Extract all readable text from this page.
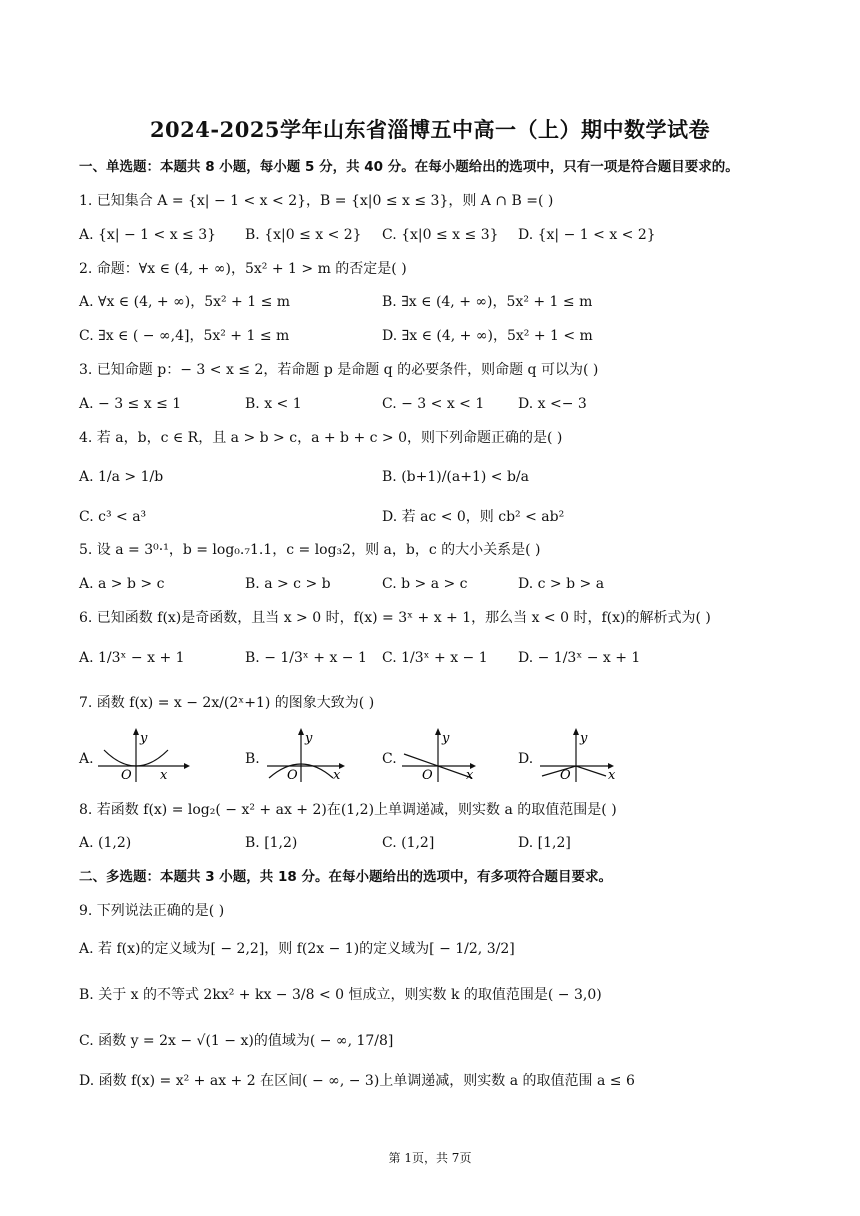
2024-2025学年山东省淄博五中高一（上）期中数学试卷
一、单选题：本题共 8 小题，每小题 5 分，共 40 分。在每小题给出的选项中，只有一项是符合题目要求的。
1. 已知集合 A = {x| − 1 < x < 2}，B = {x|0 ≤ x ≤ 3}，则 A ∩ B =( )
A. {x| − 1 < x ≤ 3} B. {x|0 ≤ x < 2} C. {x|0 ≤ x ≤ 3} D. {x| − 1 < x < 2}
2. 命题：∀x ∈ (4, + ∞)，5x² + 1 > m 的否定是( )
A. ∀x ∈ (4, + ∞)，5x² + 1 ≤ m	B. ∃x ∈ (4, + ∞)，5x² + 1 ≤ m
C. ∃x ∈ ( − ∞,4]，5x² + 1 ≤ m	D. ∃x ∈ (4, + ∞)，5x² + 1 < m
3. 已知命题 p：− 3 < x ≤ 2，若命题 p 是命题 q 的必要条件，则命题 q 可以为( )
A. − 3 ≤ x ≤ 1	B. x < 1	C. − 3 < x < 1 D. x <− 3
4. 若 a，b，c ∈ R，且 a > b > c，a + b + c > 0，则下列命题正确的是( )
A. 1/a > 1/b	B. (b+1)/(a+1) < b/a
C. c³ < a³	D. 若 ac < 0，则 cb² < ab²
5. 设 a = 3⁰·¹，b = log₀.₇1.1，c = log₃2，则 a，b，c 的大小关系是( )
A. a > b > c	B. a > c > b	C. b > a > c	D. c > b > a
6. 已知函数 f(x)是奇函数，且当 x > 0 时，f(x) = 3ˣ + x + 1，那么当 x < 0 时，f(x)的解析式为( )
A. 1/3ˣ − x + 1	B. − 1/3ˣ + x − 1 C. 1/3ˣ + x − 1 D. − 1/3ˣ − x + 1
7. 函数 f(x) = x − 2x/(2ˣ+1) 的图象大致为( )
A.
y
O x
B.
y
O	x
C.
y
O	x
D.
y
O	x
8. 若函数 f(x) = log₂( − x² + ax + 2)在(1,2)上单调递减，则实数 a 的取值范围是( )
A. (1,2)	B. [1,2)	C. (1,2]	D. [1,2]
二、多选题：本题共 3 小题，共 18 分。在每小题给出的选项中，有多项符合题目要求。
9. 下列说法正确的是( )
A. 若 f(x)的定义域为[ − 2,2]，则 f(2x − 1)的定义域为[ − 1/2, 3/2]
B. 关于 x 的不等式 2kx² + kx − 3/8 < 0 恒成立，则实数 k 的取值范围是( − 3,0)
C. 函数 y = 2x − √(1 − x)的值域为( − ∞, 17/8]
D. 函数 f(x) = x² + ax + 2 在区间( − ∞, − 3)上单调递减，则实数 a 的取值范围 a ≤ 6
第 1页，共 7页
